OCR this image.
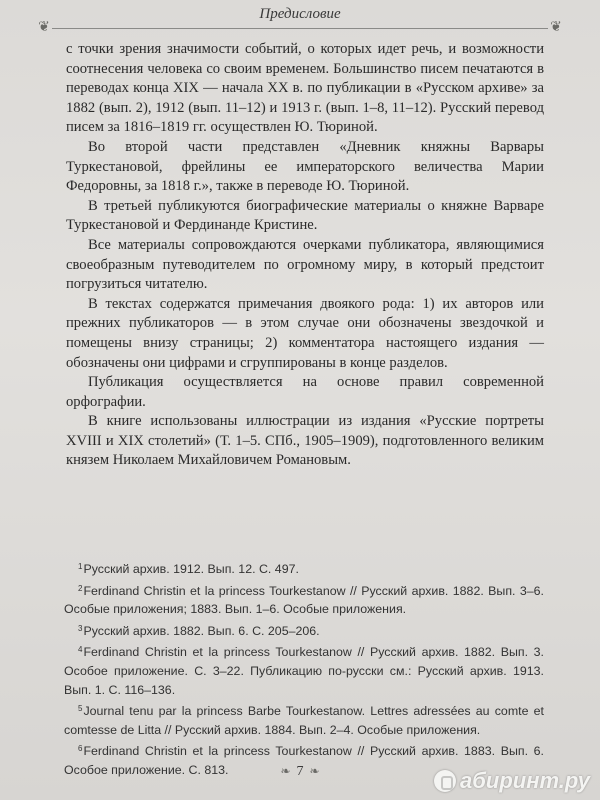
❦
Предисловие
❦

с точки зрения значимости событий, о которых идет речь, и возможности соотнесения человека со своим временем. Большинство писем печатаются в переводах конца XIX — начала XX в. по публикации в «Русском архиве» за 1882 (вып. 2), 1912 (вып. 11–12) и 1913 г. (вып. 1–8, 11–12). Русский перевод писем за 1816–1819 гг. осуществлен Ю. Тюриной.

Во второй части представлен «Дневник княжны Варвары Туркестановой, фрейлины ее императорского величества Марии Федоровны, за 1818 г.», также в переводе Ю. Тюриной.

В третьей публикуются биографические материалы о княжне Варваре Туркестановой и Фердинанде Кристине.

Все материалы сопровождаются очерками публикатора, являющимися своеобразным путеводителем по огромному миру, в который предстоит погрузиться читателю.

В текстах содержатся примечания двоякого рода: 1) их авторов или прежних публикаторов — в этом случае они обозначены звездочкой и помещены внизу страницы; 2) комментатора настоящего издания — обозначены они цифрами и сгруппированы в конце разделов.

Публикация осуществляется на основе правил современной орфографии.

В книге использованы иллюстрации из издания «Русские портреты XVIII и XIX столетий» (Т. 1–5. СПб., 1905–1909), подготовленного великим князем Николаем Михайловичем Романовым.

$^1$Русский архив. 1912. Вып. 12. С. 497.

$^2$Ferdinand Christin et la princess Tourkestanow // Русский архив. 1882. Вып. 3–6. Особые приложения; 1883. Вып. 1–6. Особые приложения.

$^3$Русский архив. 1882. Вып. 6. С. 205–206.

$^4$Ferdinand Christin et la princess Tourkestanow // Русский архив. 1882. Вып. 3. Особое приложение. С. 3–22. Публикацию по-русски см.: Русский архив. 1913. Вып. 1. С. 116–136.

$^5$Journal tenu par la princess Barbe Tourkestanow. Lettres adressées au comte et comtesse de Litta // Русский архив. 1884. Вып. 2–4. Особые приложения.

$^6$Ferdinand Christin et la princess Tourkestanow // Русский архив. 1883. Вып. 6. Особое приложение. С. 813.	❧ 7 ❧	абиринт.ру
